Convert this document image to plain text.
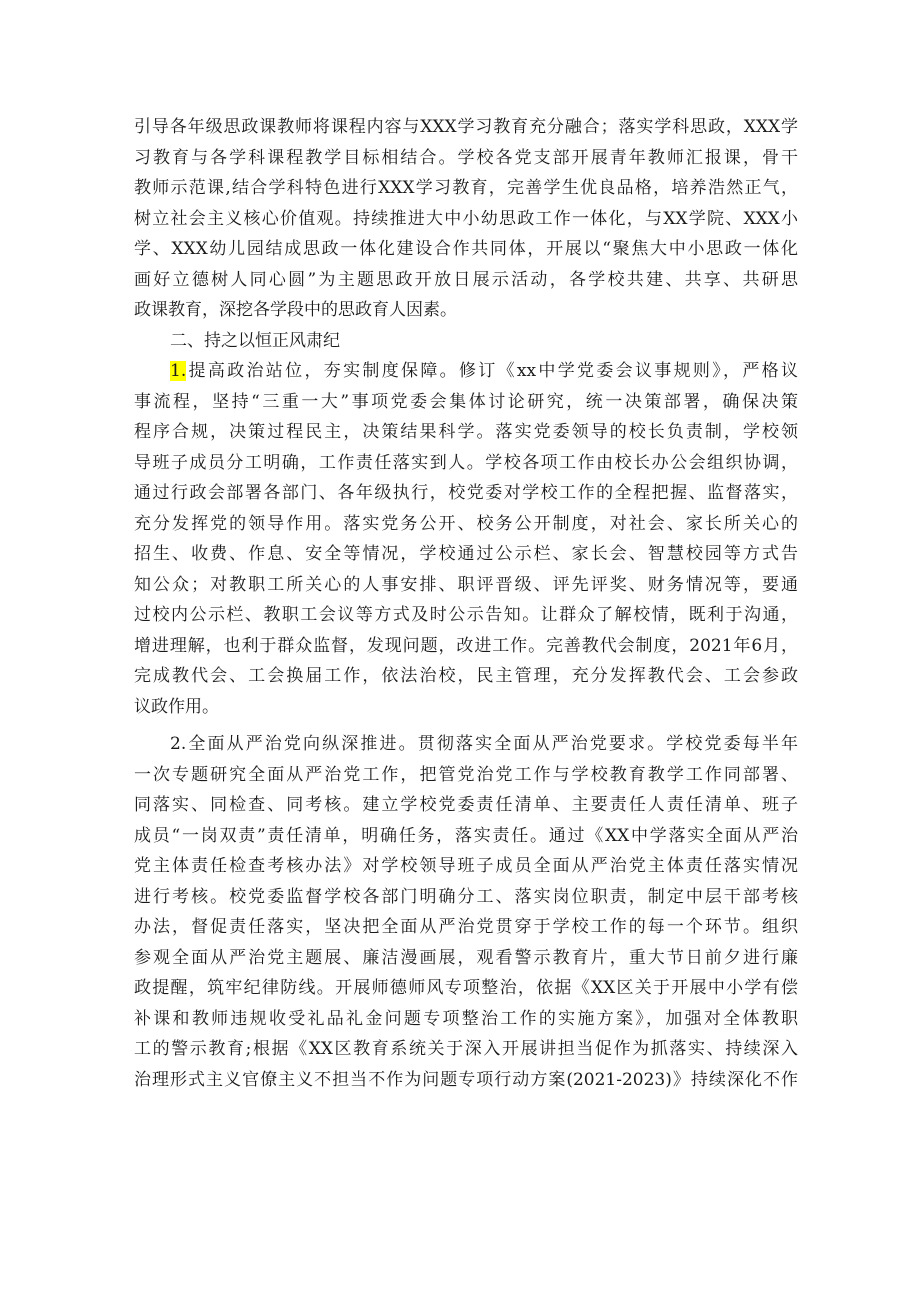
引导各年级思政课教师将课程内容与XXX学习教育充分融合；落实学科思政，XXX学
习教育与各学科课程教学目标相结合。学校各党支部开展青年教师汇报课，骨干
教师示范课,结合学科特色进行XXX学习教育，完善学生优良品格，培养浩然正气，
树立社会主义核心价值观。持续推进大中小幼思政工作一体化，与XX学院、XXX小
学、XXX幼儿园结成思政一体化建设合作共同体，开展以“聚焦大中小思政一体化
画好立德树人同心圆”为主题思政开放日展示活动，各学校共建、共享、共研思
政课教育，深挖各学段中的思政育人因素。
二、持之以恒正风肃纪
1.提高政治站位，夯实制度保障。修订《xx中学党委会议事规则》，严格议
事流程，坚持“三重一大”事项党委会集体讨论研究，统一决策部署，确保决策
程序合规，决策过程民主，决策结果科学。落实党委领导的校长负责制，学校领
导班子成员分工明确，工作责任落实到人。学校各项工作由校长办公会组织协调，
通过行政会部署各部门、各年级执行，校党委对学校工作的全程把握、监督落实，
充分发挥党的领导作用。落实党务公开、校务公开制度，对社会、家长所关心的
招生、收费、作息、安全等情况，学校通过公示栏、家长会、智慧校园等方式告
知公众；对教职工所关心的人事安排、职评晋级、评先评奖、财务情况等，要通
过校内公示栏、教职工会议等方式及时公示告知。让群众了解校情，既利于沟通，
增进理解，也利于群众监督，发现问题，改进工作。完善教代会制度，2021年6月，
完成教代会、工会换届工作，依法治校，民主管理，充分发挥教代会、工会参政
议政作用。
2.全面从严治党向纵深推进。贯彻落实全面从严治党要求。学校党委每半年
一次专题研究全面从严治党工作，把管党治党工作与学校教育教学工作同部署、
同落实、同检查、同考核。建立学校党委责任清单、主要责任人责任清单、班子
成员“一岗双责”责任清单，明确任务，落实责任。通过《XX中学落实全面从严治
党主体责任检查考核办法》对学校领导班子成员全面从严治党主体责任落实情况
进行考核。校党委监督学校各部门明确分工、落实岗位职责，制定中层干部考核
办法，督促责任落实，坚决把全面从严治党贯穿于学校工作的每一个环节。组织
参观全面从严治党主题展、廉洁漫画展，观看警示教育片，重大节日前夕进行廉
政提醒，筑牢纪律防线。开展师德师风专项整治，依据《XX区关于开展中小学有偿
补课和教师违规收受礼品礼金问题专项整治工作的实施方案》，加强对全体教职
工的警示教育;根据《XX区教育系统关于深入开展讲担当促作为抓落实、持续深入
治理形式主义官僚主义不担当不作为问题专项行动方案(2021-2023)》持续深化不作
